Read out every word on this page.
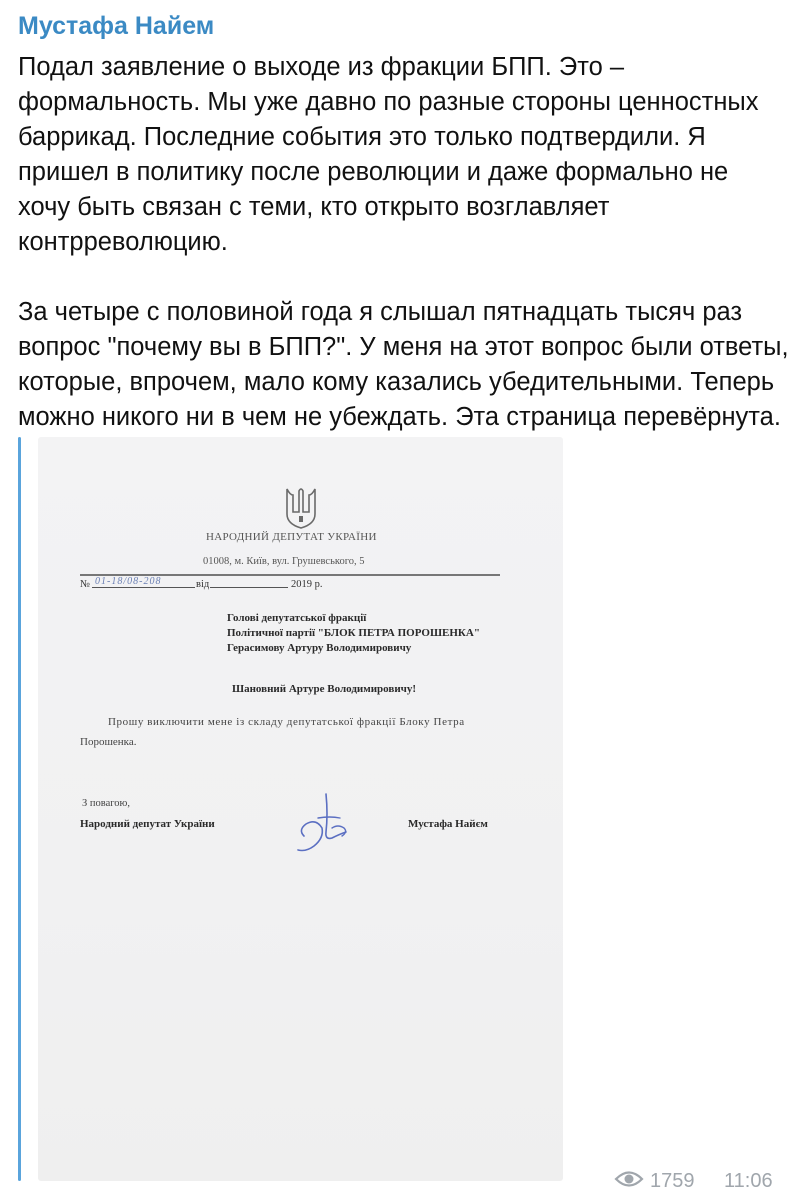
Мустафа Найем

Подал заявление о выходе из фракции БПП. Это –

формальность. Мы уже давно по разные стороны ценностных

баррикад. Последние события это только подтвердили. Я

пришел в политику после революции и даже формально не

хочу быть связан с теми, кто открыто возглавляет

контрреволюцию.

За четыре с половиной года я слышал пятнадцать тысяч раз

вопрос "почему вы в БПП?". У меня на этот вопрос были ответы,

которые, впрочем, мало кому казались убедительными. Теперь

можно никого ни в чем не убеждать. Эта страница перевёрнута.

НАРОДНИЙ ДЕПУТАТ УКРАЇНИ
01008, м. Київ, вул. Грушевського, 5
№ 01-18/08-208	від	2019 р.
Голові депутатської фракції
Політичної партії "БЛОК ПЕТРА ПОРОШЕНКА"
Герасимову Артуру Володимировичу
Шановний Артуре Володимировичу!
Прошу виключити мене із складу депутатської фракції Блоку Петра
Порошенка.
З повагою,
Народний депутат України	Мустафа Найєм
1759 11:06
